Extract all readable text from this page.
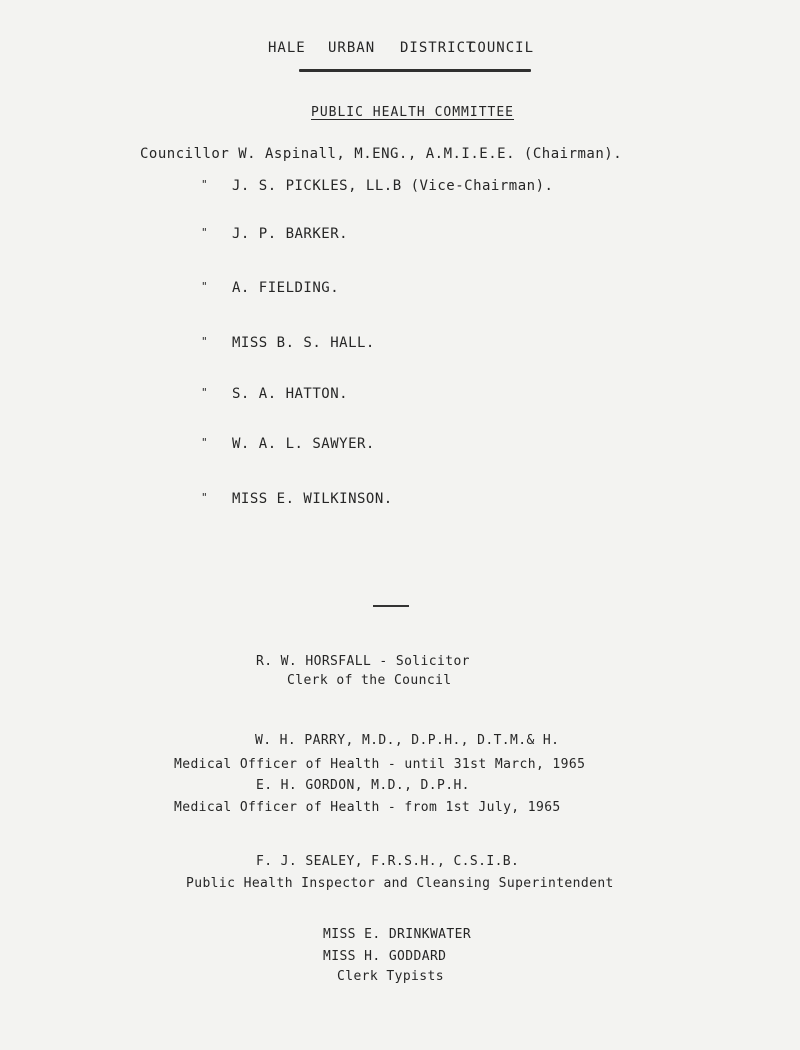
HALE URBAN DISTRICT
COUNCIL
PUBLIC HEALTH COMMITTEE
Councillor W. Aspinall, M.ENG., A.M.I.E.E. (Chairman).
" J. S. PICKLES, LL.B (Vice-Chairman).
" J. P. BARKER.
" A. FIELDING.
" MISS B. S. HALL.
" S. A. HATTON.
" W. A. L. SAWYER.
" MISS E. WILKINSON.
R. W. HORSFALL - Solicitor
Clerk of the Council
W. H. PARRY, M.D., D.P.H., D.T.M.& H.
Medical Officer of Health - until 31st March, 1965
E. H. GORDON, M.D., D.P.H.
Medical Officer of Health - from 1st July, 1965
F. J. SEALEY, F.R.S.H., C.S.I.B.
Public Health Inspector and Cleansing Superintendent
MISS E. DRINKWATER
MISS H. GODDARD
Clerk Typists
